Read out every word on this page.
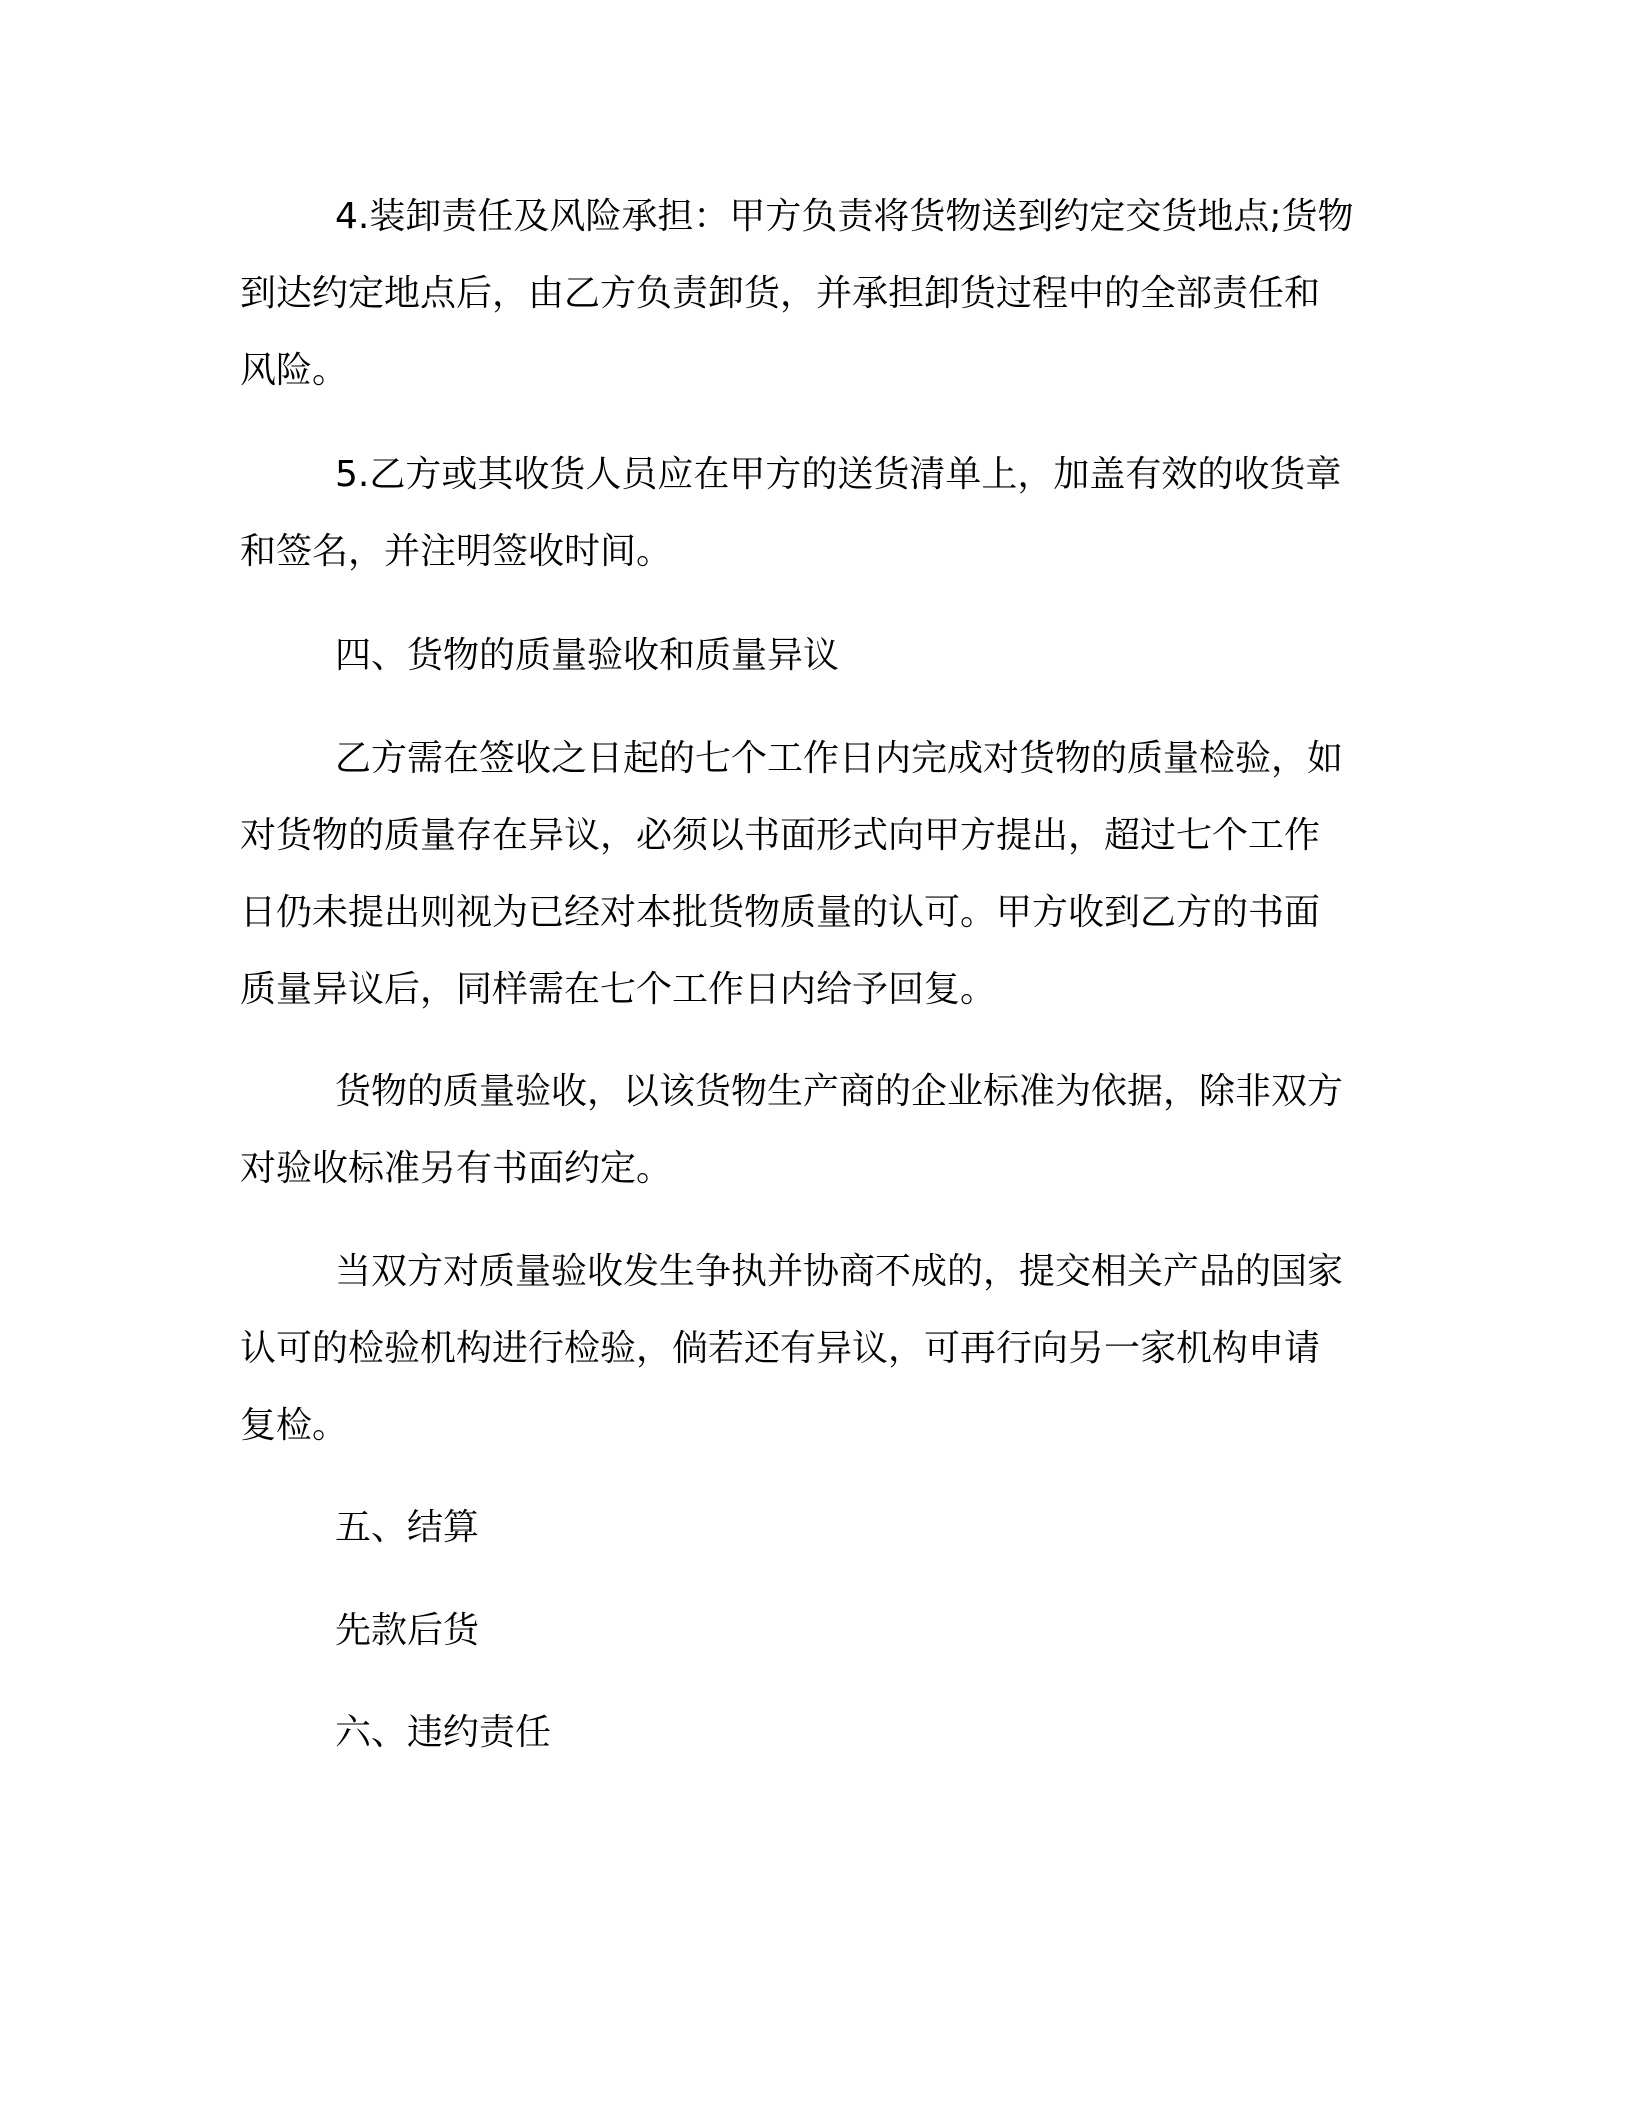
4.装卸责任及风险承担：甲方负责将货物送到约定交货地点;货物
到达约定地点后，由乙方负责卸货，并承担卸货过程中的全部责任和
风险。
5.乙方或其收货人员应在甲方的送货清单上，加盖有效的收货章
和签名，并注明签收时间。
四、货物的质量验收和质量异议
乙方需在签收之日起的七个工作日内完成对货物的质量检验，如
对货物的质量存在异议，必须以书面形式向甲方提出，超过七个工作
日仍未提出则视为已经对本批货物质量的认可。甲方收到乙方的书面
质量异议后，同样需在七个工作日内给予回复。
货物的质量验收，以该货物生产商的企业标准为依据，除非双方
对验收标准另有书面约定。
当双方对质量验收发生争执并协商不成的，提交相关产品的国家
认可的检验机构进行检验，倘若还有异议，可再行向另一家机构申请
复检。
五、结算
先款后货
六、违约责任
